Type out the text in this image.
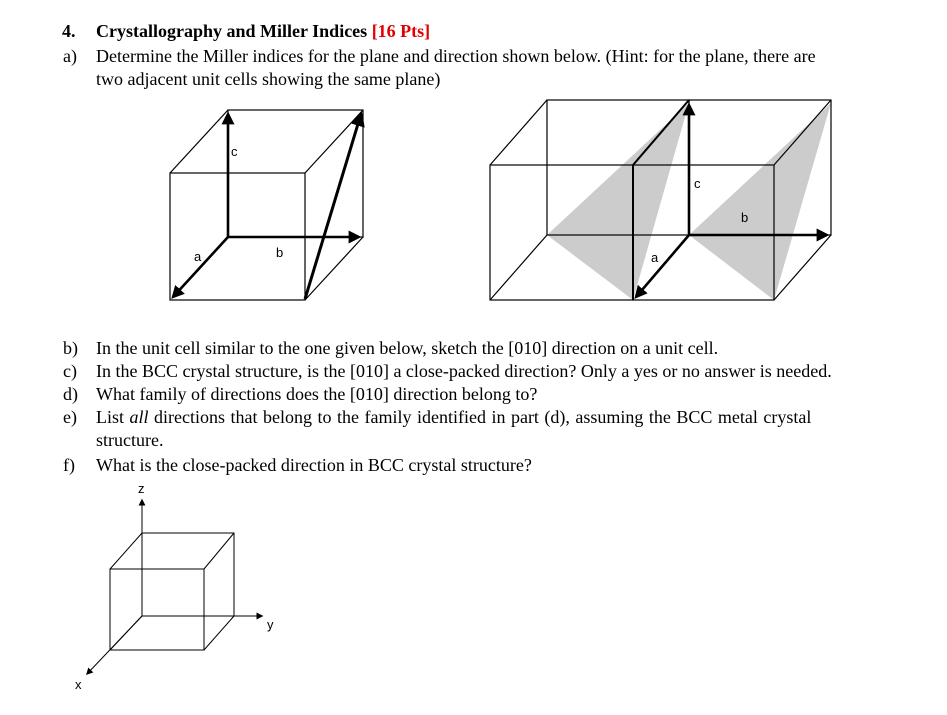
4. Crystallography and Miller Indices [16 Pts]
a) Determine the Miller indices for the plane and direction shown below. (Hint: for the plane, there are
two adjacent unit cells showing the same plane)
c
b
a
c
b
a
z
y
x
b) In the unit cell similar to the one given below, sketch the [010] direction on a unit cell.
c) In the BCC crystal structure, is the [010] a close-packed direction? Only a yes or no answer is needed.
d) What family of directions does the [010] direction belong to?
e) List all directions that belong to the family identified in part (d), assuming the BCC metal crystal
structure.
f) What is the close-packed direction in BCC crystal structure?
